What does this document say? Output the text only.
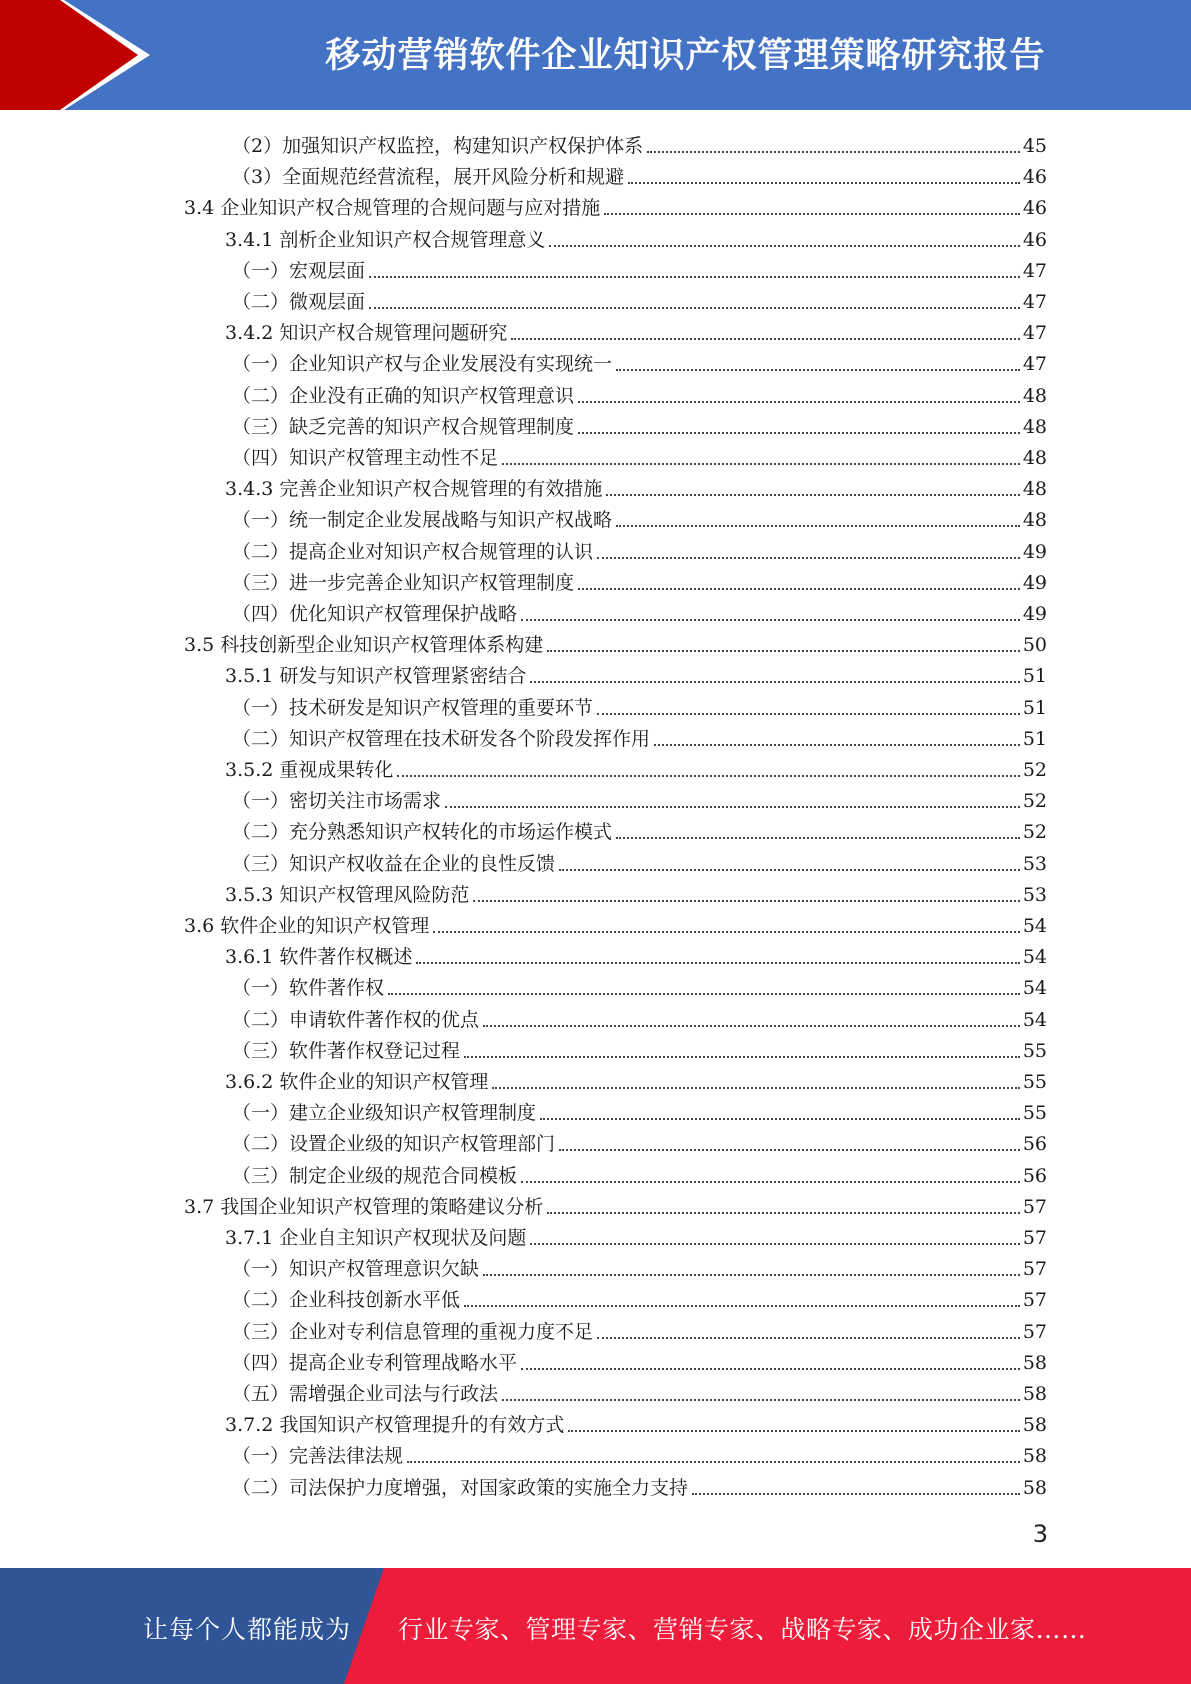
移动营销软件企业知识产权管理策略研究报告
（2）加强知识产权监控，构建知识产权保护体系	45
（3）全面规范经营流程，展开风险分析和规避	46
3.4 企业知识产权合规管理的合规问题与应对措施	46
3.4.1 剖析企业知识产权合规管理意义	46
（一）宏观层面	47
（二）微观层面	47
3.4.2 知识产权合规管理问题研究	47
（一）企业知识产权与企业发展没有实现统一	47
（二）企业没有正确的知识产权管理意识	48
（三）缺乏完善的知识产权合规管理制度	48
（四）知识产权管理主动性不足	48
3.4.3 完善企业知识产权合规管理的有效措施	48
（一）统一制定企业发展战略与知识产权战略	48
（二）提高企业对知识产权合规管理的认识	49
（三）进一步完善企业知识产权管理制度	49
（四）优化知识产权管理保护战略	49
3.5 科技创新型企业知识产权管理体系构建	50
3.5.1 研发与知识产权管理紧密结合	51
（一）技术研发是知识产权管理的重要环节	51
（二）知识产权管理在技术研发各个阶段发挥作用	51
3.5.2 重视成果转化	52
（一）密切关注市场需求	52
（二）充分熟悉知识产权转化的市场运作模式	52
（三）知识产权收益在企业的良性反馈	53
3.5.3 知识产权管理风险防范	53
3.6 软件企业的知识产权管理	54
3.6.1 软件著作权概述	54
（一）软件著作权	54
（二）申请软件著作权的优点	54
（三）软件著作权登记过程	55
3.6.2 软件企业的知识产权管理	55
（一）建立企业级知识产权管理制度	55
（二）设置企业级的知识产权管理部门	56
（三）制定企业级的规范合同模板	56
3.7 我国企业知识产权管理的策略建议分析	57
3.7.1 企业自主知识产权现状及问题	57
（一）知识产权管理意识欠缺	57
（二）企业科技创新水平低	57
（三）企业对专利信息管理的重视力度不足	57
（四）提高企业专利管理战略水平	58
（五）需增强企业司法与行政法	58
3.7.2 我国知识产权管理提升的有效方式	58
（一）完善法律法规	58
（二）司法保护力度增强，对国家政策的实施全力支持	58
3
让每个人都能成为 行业专家、管理专家、营销专家、战略专家、成功企业家……
